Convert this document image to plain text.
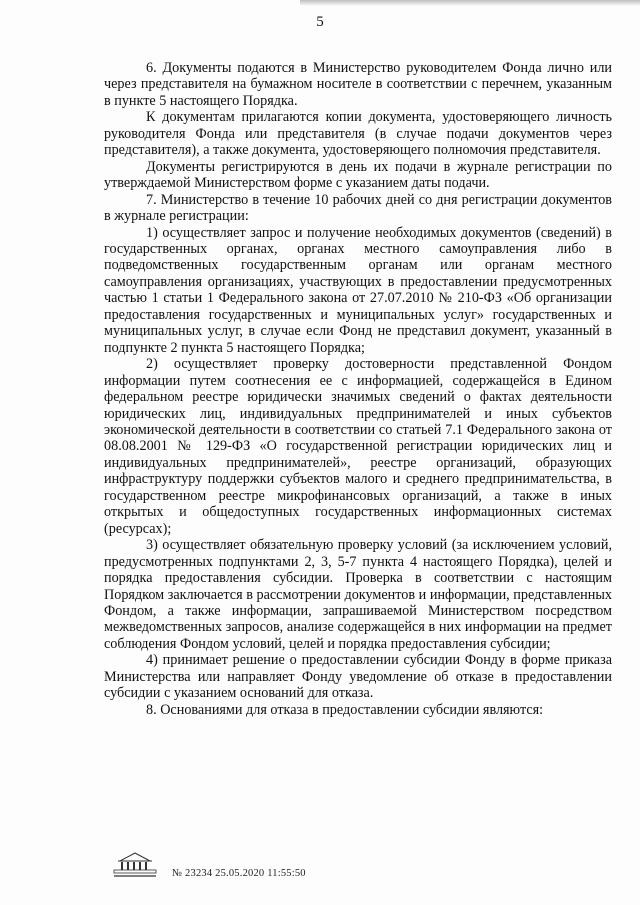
5

6. Документы подаются в Министерство руководителем Фонда лично или через представителя на бумажном носителе в соответствии с перечнем, указанным в пункте 5 настоящего Порядка.

К документам прилагаются копии документа, удостоверяющего личность руководителя Фонда или представителя (в случае подачи документов через представителя), а также документа, удостоверяющего полномочия представителя.

Документы регистрируются в день их подачи в журнале регистрации по утверждаемой Министерством форме с указанием даты подачи.

7. Министерство в течение 10 рабочих дней со дня регистрации документов в журнале регистрации:

1) осуществляет запрос и получение необходимых документов (сведений) в государственных органах, органах местного самоуправления либо в подведомственных государственным органам или органам местного самоуправления организациях, участвующих в предоставлении предусмотренных частью 1 статьи 1 Федерального закона от 27.07.2010 № 210-ФЗ «Об организации предоставления государственных и муниципальных услуг» государственных и муниципальных услуг, в случае если Фонд не представил документ, указанный в подпункте 2 пункта 5 настоящего Порядка;

2) осуществляет проверку достоверности представленной Фондом информации путем соотнесения ее с информацией, содержащейся в Едином федеральном реестре юридически значимых сведений о фактах деятельности юридических лиц, индивидуальных предпринимателей и иных субъектов экономической деятельности в соответствии со статьей 7.1 Федерального закона от 08.08.2001 № 129-ФЗ «О государственной регистрации юридических лиц и индивидуальных предпринимателей», реестре организаций, образующих инфраструктуру поддержки субъектов малого и среднего предпринимательства, в государственном реестре микрофинансовых организаций, а также в иных открытых и общедоступных государственных информационных системах (ресурсах);

3) осуществляет обязательную проверку условий (за исключением условий, предусмотренных подпунктами 2, 3, 5-7 пункта 4 настоящего Порядка), целей и порядка предоставления субсидии. Проверка в соответствии с настоящим Порядком заключается в рассмотрении документов и информации, представленных Фондом, а также информации, запрашиваемой Министерством посредством межведомственных запросов, анализе содержащейся в них информации на предмет соблюдения Фондом условий, целей и порядка предоставления субсидии;

4) принимает решение о предоставлении субсидии Фонду в форме приказа Министерства или направляет Фонду уведомление об отказе в предоставлении субсидии с указанием оснований для отказа.

8. Основаниями для отказа в предоставлении субсидии являются:

№ 23234 25.05.2020 11:55:50
